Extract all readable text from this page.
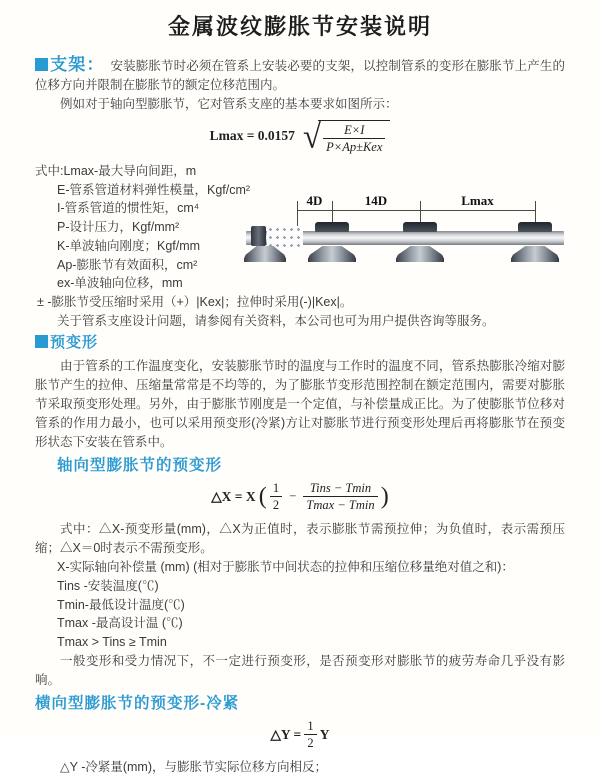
金属波纹膨胀节安装说明

支架： 安装膨胀节时必须在管系上安装必要的支架，以控制管系的变形在膨胀节上产生的位移方向并限制在膨胀节的额定位移范围内。

例如对于轴向型膨胀节，它对管系支座的基本要求如图所示：

Lmax = 0.0157 √ $\frac{E\times I}{\text{P×Ap±Kex}}$

式中:Lmax-最大导向间距，m

E-管系管道材料弹性模量，Kgf/cm²

I-管系管道的惯性矩，cm⁴

P-设计压力，Kgf/mm²

K-单波轴向刚度；Kgf/mm

Ap-膨胀节有效面积，cm²

ex-单波轴向位移，mm

± -膨胀节受压缩时采用（+）|Kex|；拉伸时采用(-)|Kex|。

关于管系支座设计问题，请参阅有关资料，本公司也可为用户提供咨询等服务。

4D	14D	Lmax
预变形

由于管系的工作温度变化，安装膨胀节时的温度与工作时的温度不同，管系热膨胀冷缩对膨胀节产生的拉伸、压缩量常常是不均等的，为了膨胀节变形范围控制在额定范围内，需要对膨胀节采取预变形处理。另外，由于膨胀节刚度是一个定值，与补偿量成正比。为了使膨胀节位移对管系的作用力最小，也可以采用预变形(冷紧)方让对膨胀节进行预变形处理后再将膨胀节在预变形状态下安装在管系中。

轴向型膨胀节的预变形
△X = X ( $\frac{1}{2} - \frac{\text{Tins − Tmin}}{Tmax - Tmin}$ )

式中：△X-预变形量(mm)，△X为正值时，表示膨胀节需预拉伸；为负值时，表示需预压缩；△X＝0时表示不需预变形。

X-实际轴向补偿量 (mm) (相对于膨胀节中间状态的拉伸和压缩位移量绝对值之和)：

Tins -安装温度(℃)

Tmin-最低设计温度(℃)

Tmax -最高设计温 (℃)

Tmax > Tins ≥ Tmin

一般变形和受力情况下，不一定进行预变形，是否预变形对膨胀节的疲劳寿命几乎没有影响。

横向型膨胀节的预变形-冷紧
△Y = $\frac{1}{2}$ Y

△Y -冷紧量(mm)，与膨胀节实际位移方向相反；
